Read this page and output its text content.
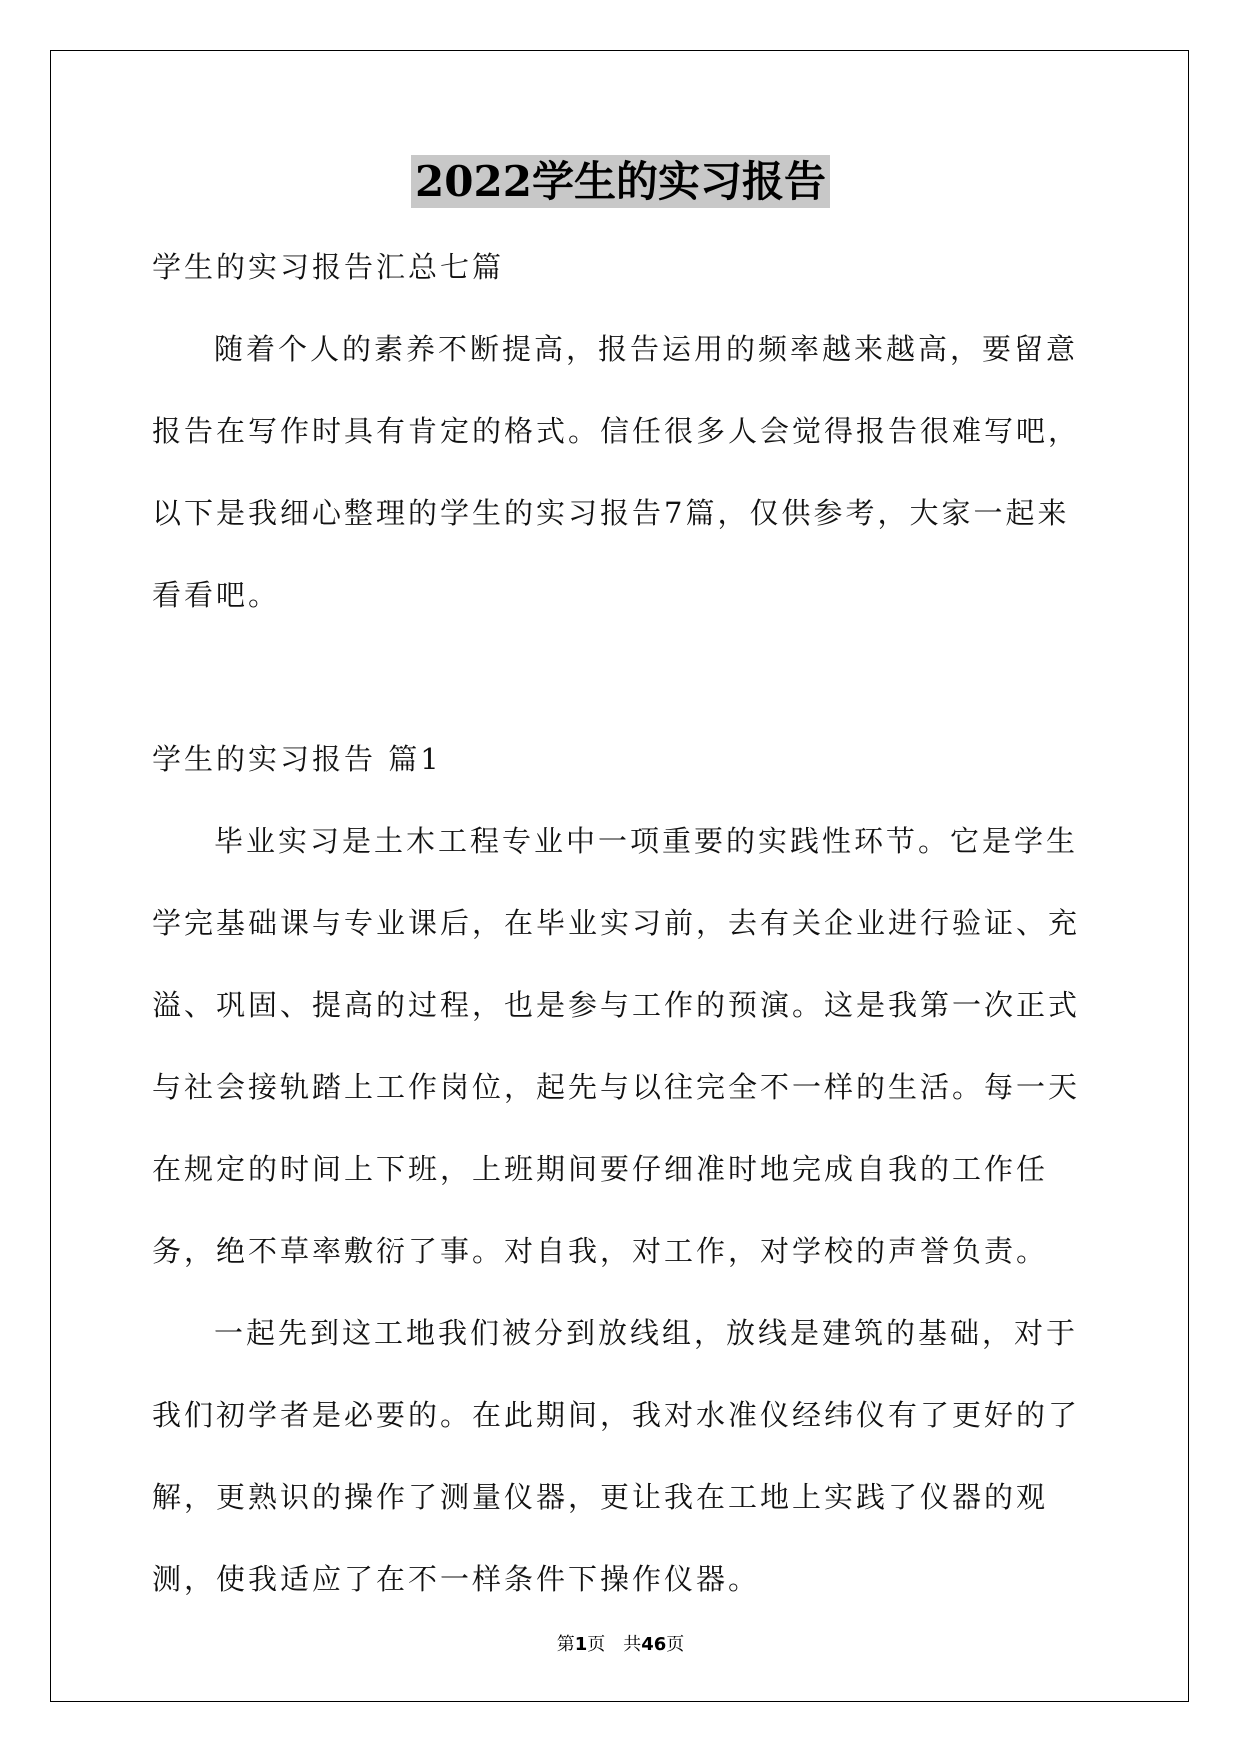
2022学生的实习报告

学生的实习报告汇总七篇

随着个人的素养不断提高，报告运用的频率越来越高，要留意报告在写作时具有肯定的格式。信任很多人会觉得报告很难写吧，以下是我细心整理的学生的实习报告7篇，仅供参考，大家一起来看看吧。

学生的实习报告 篇1

毕业实习是土木工程专业中一项重要的实践性环节。它是学生学完基础课与专业课后，在毕业实习前，去有关企业进行验证、充溢、巩固、提高的过程，也是参与工作的预演。这是我第一次正式与社会接轨踏上工作岗位，起先与以往完全不一样的生活。每一天在规定的时间上下班，上班期间要仔细准时地完成自我的工作任务，绝不草率敷衍了事。对自我，对工作，对学校的声誉负责。

一起先到这工地我们被分到放线组，放线是建筑的基础，对于我们初学者是必要的。在此期间，我对水准仪经纬仪有了更好的了解，更熟识的操作了测量仪器，更让我在工地上实践了仪器的观测，使我适应了在不一样条件下操作仪器。

第1页　共46页
